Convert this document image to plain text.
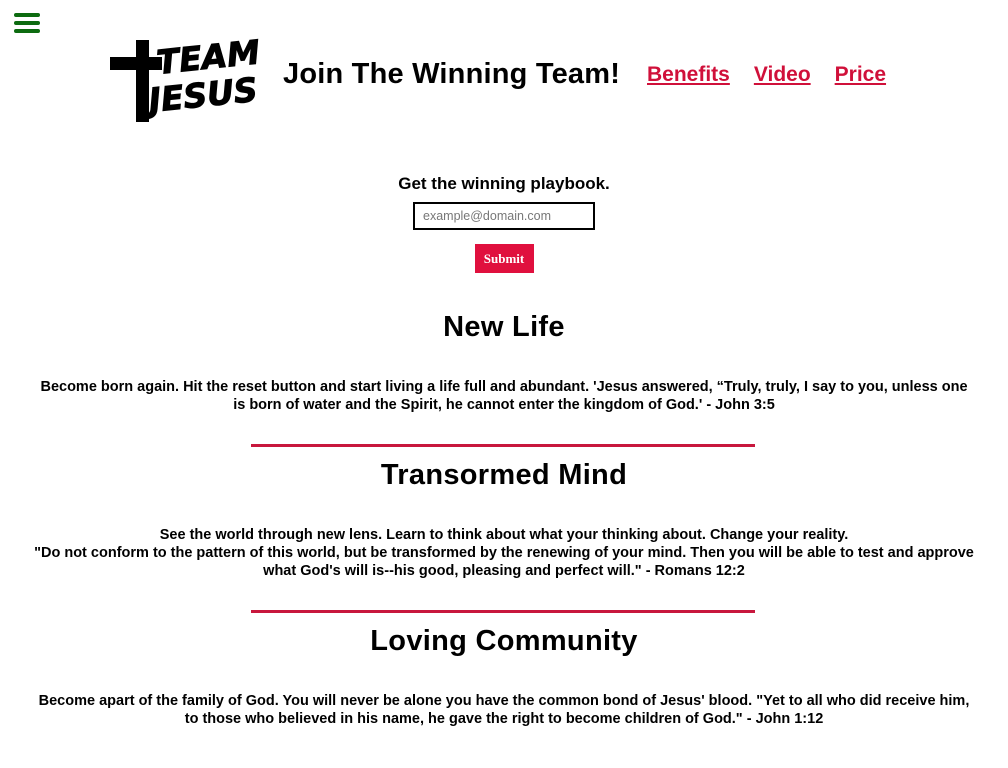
TEAM
JESUS Join The Winning Team! Benefits Video Price

Get the winning playbook.

example@domain.com
Submit
New Life

Become born again. Hit the reset button and start living a life full and abundant. 'Jesus answered, “Truly, truly, I say to you, unless one is born of water and the Spirit, he cannot enter the kingdom of God.' - John 3:5

Transormed Mind

See the world through new lens. Learn to think about what your thinking about. Change your reality.
"Do not conform to the pattern of this world, but be transformed by the renewing of your mind. Then you will be able to test and approve what God's will is--his good, pleasing and perfect will." - Romans 12:2

Loving Community

Become apart of the family of God. You will never be alone you have the common bond of Jesus' blood. "Yet to all who did receive him, to those who believed in his name, he gave the right to become children of God." - John 1:12
